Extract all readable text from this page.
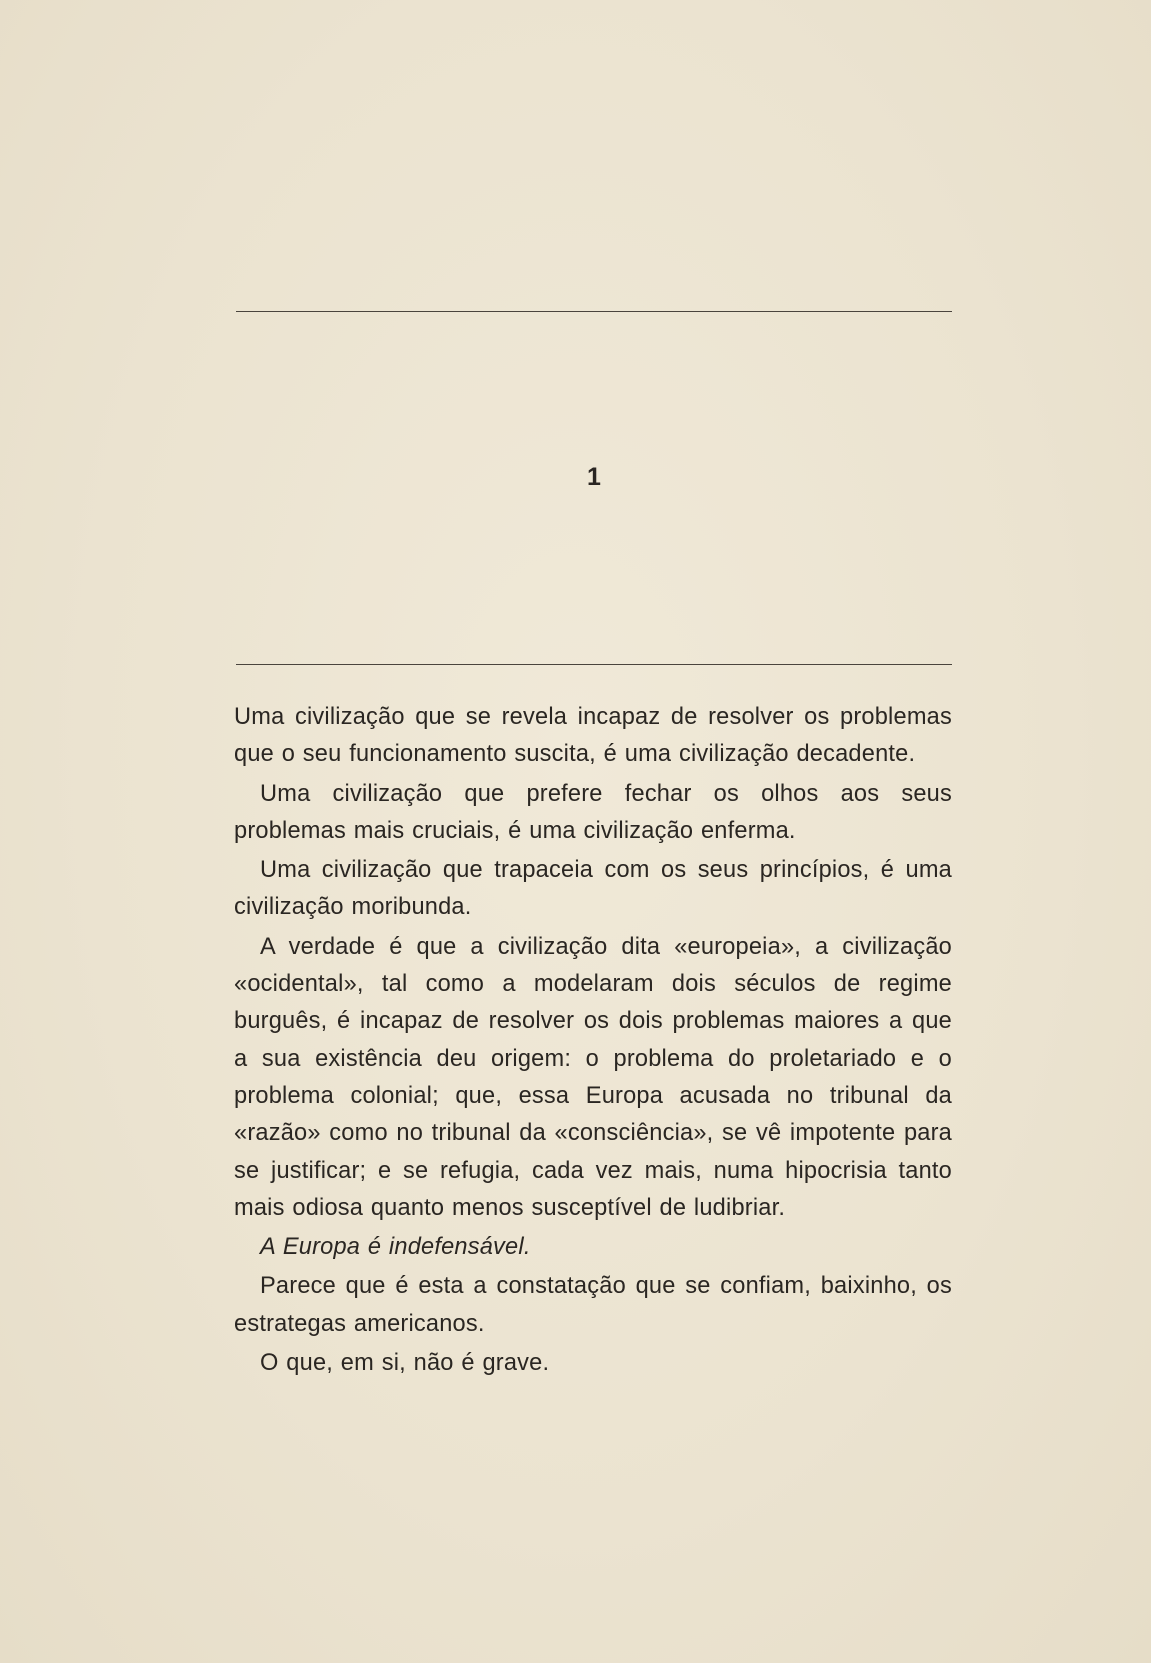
1

Uma civilização que se revela incapaz de resolver os problemas que o seu funcionamento suscita, é uma civilização decadente.

Uma civilização que prefere fechar os olhos aos seus problemas mais cruciais, é uma civilização enferma.

Uma civilização que trapaceia com os seus princípios, é uma civilização moribunda.

A verdade é que a civilização dita «europeia», a civilização «ocidental», tal como a modelaram dois séculos de regime burguês, é incapaz de resolver os dois problemas maiores a que a sua existência deu origem: o problema do proletariado e o problema colonial; que, essa Europa acusada no tribunal da «razão» como no tribunal da «consciência», se vê impotente para se justificar; e se refugia, cada vez mais, numa hipocrisia tanto mais odiosa quanto menos susceptível de ludibriar.

A Europa é indefensável.

Parece que é esta a constatação que se confiam, baixinho, os estrategas americanos.

O que, em si, não é grave.
